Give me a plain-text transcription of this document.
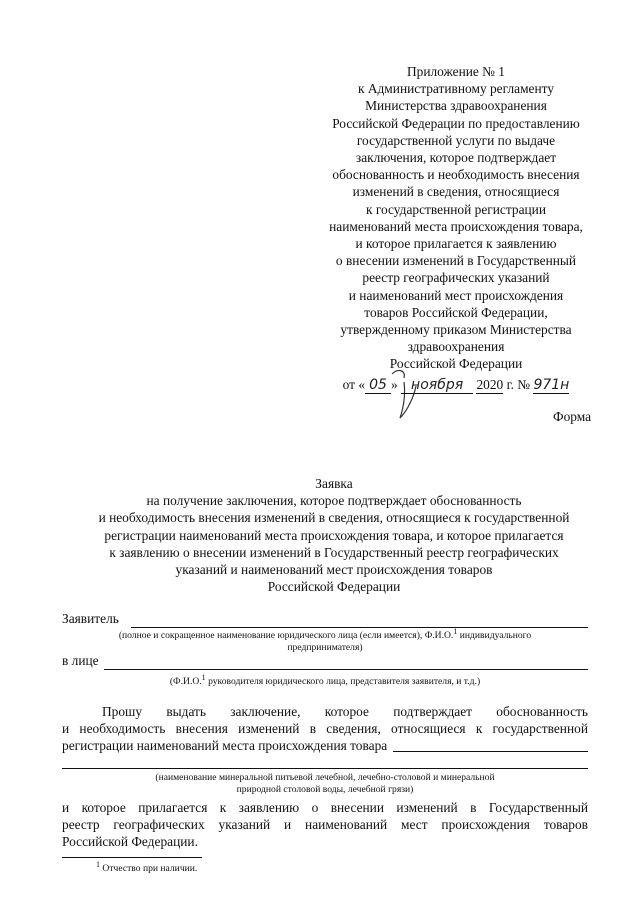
Приложение № 1
к Административному регламенту
Министерства здравоохранения
Российской Федерации по предоставлению
государственной услуги по выдаче
заключения, которое подтверждает
обоснованность и необходимость внесения
изменений в сведения, относящиеся
к государственной регистрации
наименований места происхождения товара,
и которое прилагается к заявлению
о внесении изменений в Государственный
реестр географических указаний
и наименований мест происхождения
товаров Российской Федерации,
утвержденному приказом Министерства
здравоохранения
Российской Федерации
от « 05 » ноября 2020 г. № 971н
Форма
Заявка
на получение заключения, которое подтверждает обоснованность
и необходимость внесения изменений в сведения, относящиеся к государственной
регистрации наименований места происхождения товара, и которое прилагается
к заявлению о внесении изменений в Государственный реестр географических
указаний и наименований мест происхождения товаров
Российской Федерации
Заявитель
(полное и сокращенное наименование юридического лица (если имеется), Ф.И.О.$^1$ индивидуального
предпринимателя)
в лице
(Ф.И.О.$^1$ руководителя юридического лица, представителя заявителя, и т.д.)
Прошу выдать заключение, которое подтверждает обоснованность
и необходимость внесения изменений в сведения, относящиеся к государственной
регистрации наименований места происхождения товара
(наименование минеральной питьевой лечебной, лечебно-столовой и минеральной
природной столовой воды, лечебной грязи)
и которое прилагается к заявлению о внесении изменений в Государственный
реестр географических указаний и наименований мест происхождения товаров
Российской Федерации.
$^1$ Отчество при наличии.
